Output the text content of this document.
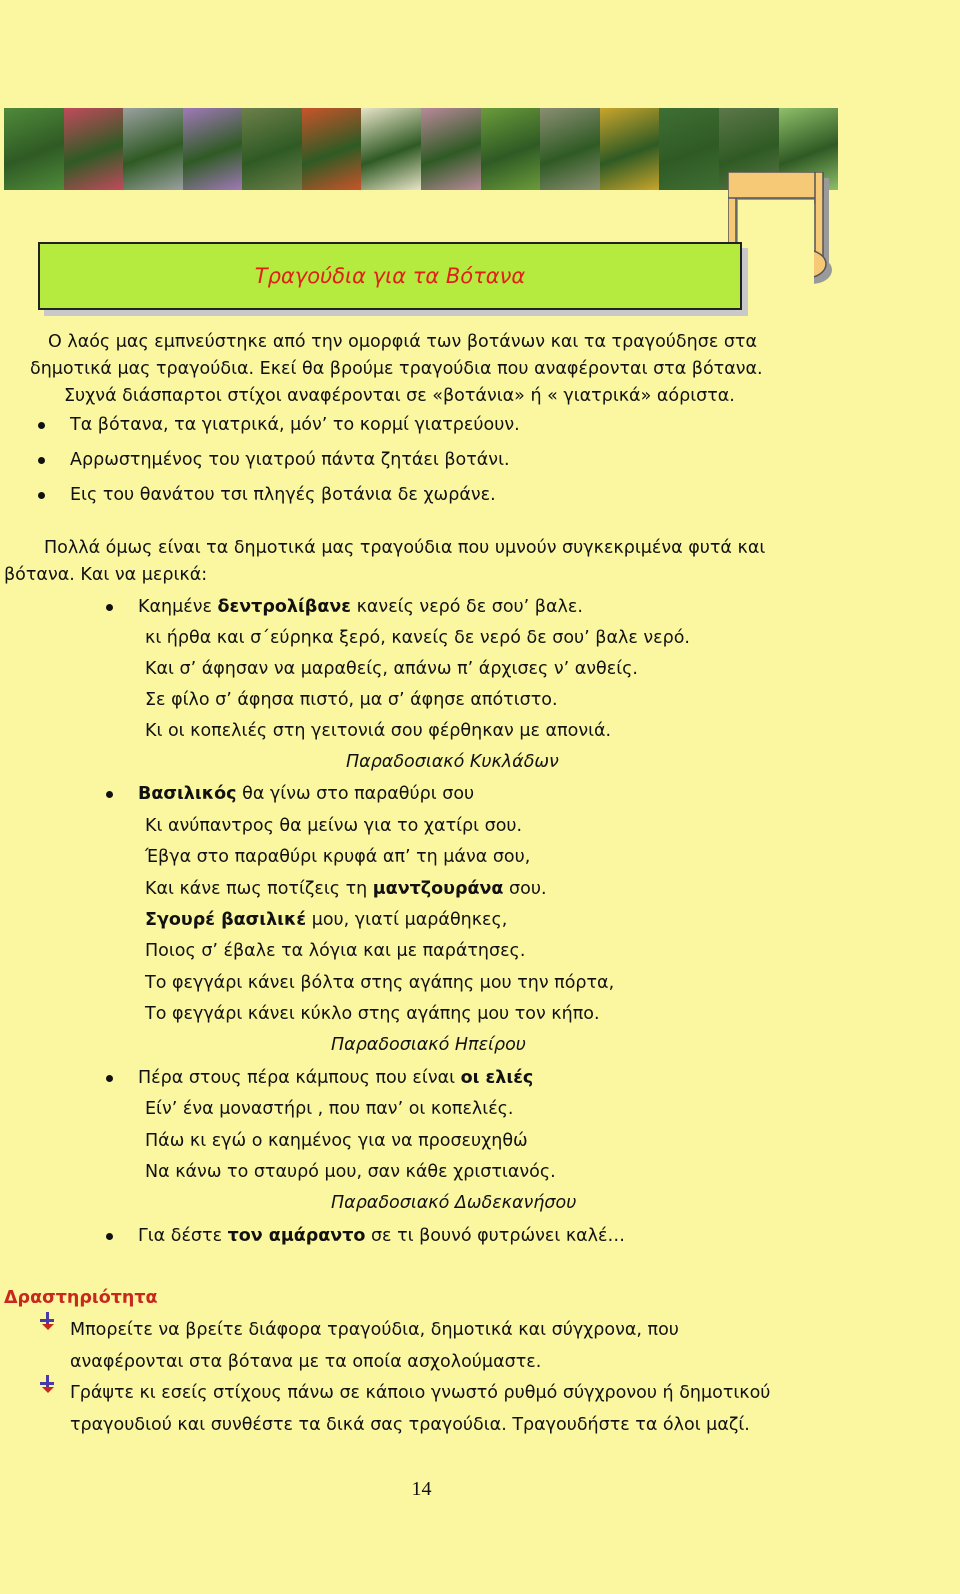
Τραγούδια για τα Βότανα
Ο λαός μας εμπνεύστηκε από την ομορφιά των βοτάνων και τα τραγούδησε στα
δημοτικά μας τραγούδια. Εκεί θα βρούμε τραγούδια που αναφέρονται στα βότανα.
Συχνά διάσπαρτοι στίχοι αναφέρονται σε «βοτάνια» ή « γιατρικά» αόριστα.
Τα βότανα, τα γιατρικά, μόν’ το κορμί γιατρεύουν.
Αρρωστημένος του γιατρού πάντα ζητάει βοτάνι.
Εις του θανάτου τσι πληγές βοτάνια δε χωράνε.
Πολλά όμως είναι τα δημοτικά μας τραγούδια που υμνούν συγκεκριμένα φυτά και
βότανα. Και να μερικά:
Καημένε δεντρολίβανε κανείς νερό δε σου’ βαλε.
κι ήρθα και σ΄εύρηκα ξερό, κανείς δε νερό δε σου’ βαλε νερό.
Και σ’ άφησαν να μαραθείς, απάνω π’ άρχισες ν’ ανθείς.
Σε φίλο σ’ άφησα πιστό, μα σ’ άφησε απότιστο.
Κι οι κοπελιές στη γειτονιά σου φέρθηκαν με απονιά.
Παραδοσιακό Κυκλάδων
Βασιλικός θα γίνω στο παραθύρι σου
Κι ανύπαντρος θα μείνω για το χατίρι σου.
Έβγα στο παραθύρι κρυφά απ’ τη μάνα σου,
Και κάνε πως ποτίζεις τη μαντζουράνα σου.
Σγουρέ βασιλικέ μου, γιατί μαράθηκες,
Ποιος σ’ έβαλε τα λόγια και με παράτησες.
Το φεγγάρι κάνει βόλτα στης αγάπης μου την πόρτα,
Το φεγγάρι κάνει κύκλο στης αγάπης μου τον κήπο.
Παραδοσιακό Ηπείρου
Πέρα στους πέρα κάμπους που είναι οι ελιές
Είν’ ένα μοναστήρι , που παν’ οι κοπελιές.
Πάω κι εγώ ο καημένος για να προσευχηθώ
Να κάνω το σταυρό μου, σαν κάθε χριστιανός.
Παραδοσιακό Δωδεκανήσου
Για δέστε τον αμάραντο σε τι βουνό φυτρώνει καλέ…
Δραστηριότητα
Μπορείτε να βρείτε διάφορα τραγούδια, δημοτικά και σύγχρονα, που
αναφέρονται στα βότανα με τα οποία ασχολούμαστε.
Γράψτε κι εσείς στίχους πάνω σε κάποιο γνωστό ρυθμό σύγχρονου ή δημοτικού
τραγουδιού και συνθέστε τα δικά σας τραγούδια. Τραγουδήστε τα όλοι μαζί.
14
